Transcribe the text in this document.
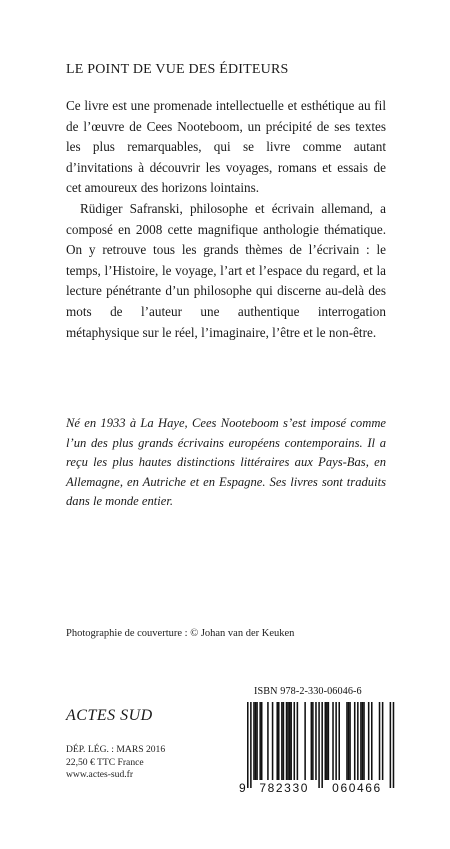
LE POINT DE VUE DES ÉDITEURS

Ce livre est une promenade intellectuelle et esthétique au fil de l’œuvre de Cees Nooteboom, un précipité de ses textes les plus remarquables, qui se livre comme autant d’invitations à découvrir les voyages, romans et essais de cet amoureux des horizons lointains.

Rüdiger Safranski, philosophe et écrivain allemand, a composé en 2008 cette magnifique anthologie thématique. On y retrouve tous les grands thèmes de l’écrivain : le temps, l’Histoire, le voyage, l’art et l’espace du regard, et la lecture pénétrante d’un philosophe qui discerne au-delà des mots de l’auteur une authentique interrogation métaphysique sur le réel, l’imaginaire, l’être et le non-être.

Né en 1933 à La Haye, Cees Nooteboom s’est imposé comme l’un des plus grands écrivains européens contemporains. Il a reçu les plus hautes distinctions littéraires aux Pays-Bas, en Allemagne, en Autriche et en Espagne. Ses livres sont traduits dans le monde entier.

Photographie de couverture : © Johan van der Keuken
ACTES SUD
DÉP. LÉG. : MARS 2016
22,50 € TTC France
www.actes-sud.fr
ISBN 978-2-330-06046-6
9 782330 060466
